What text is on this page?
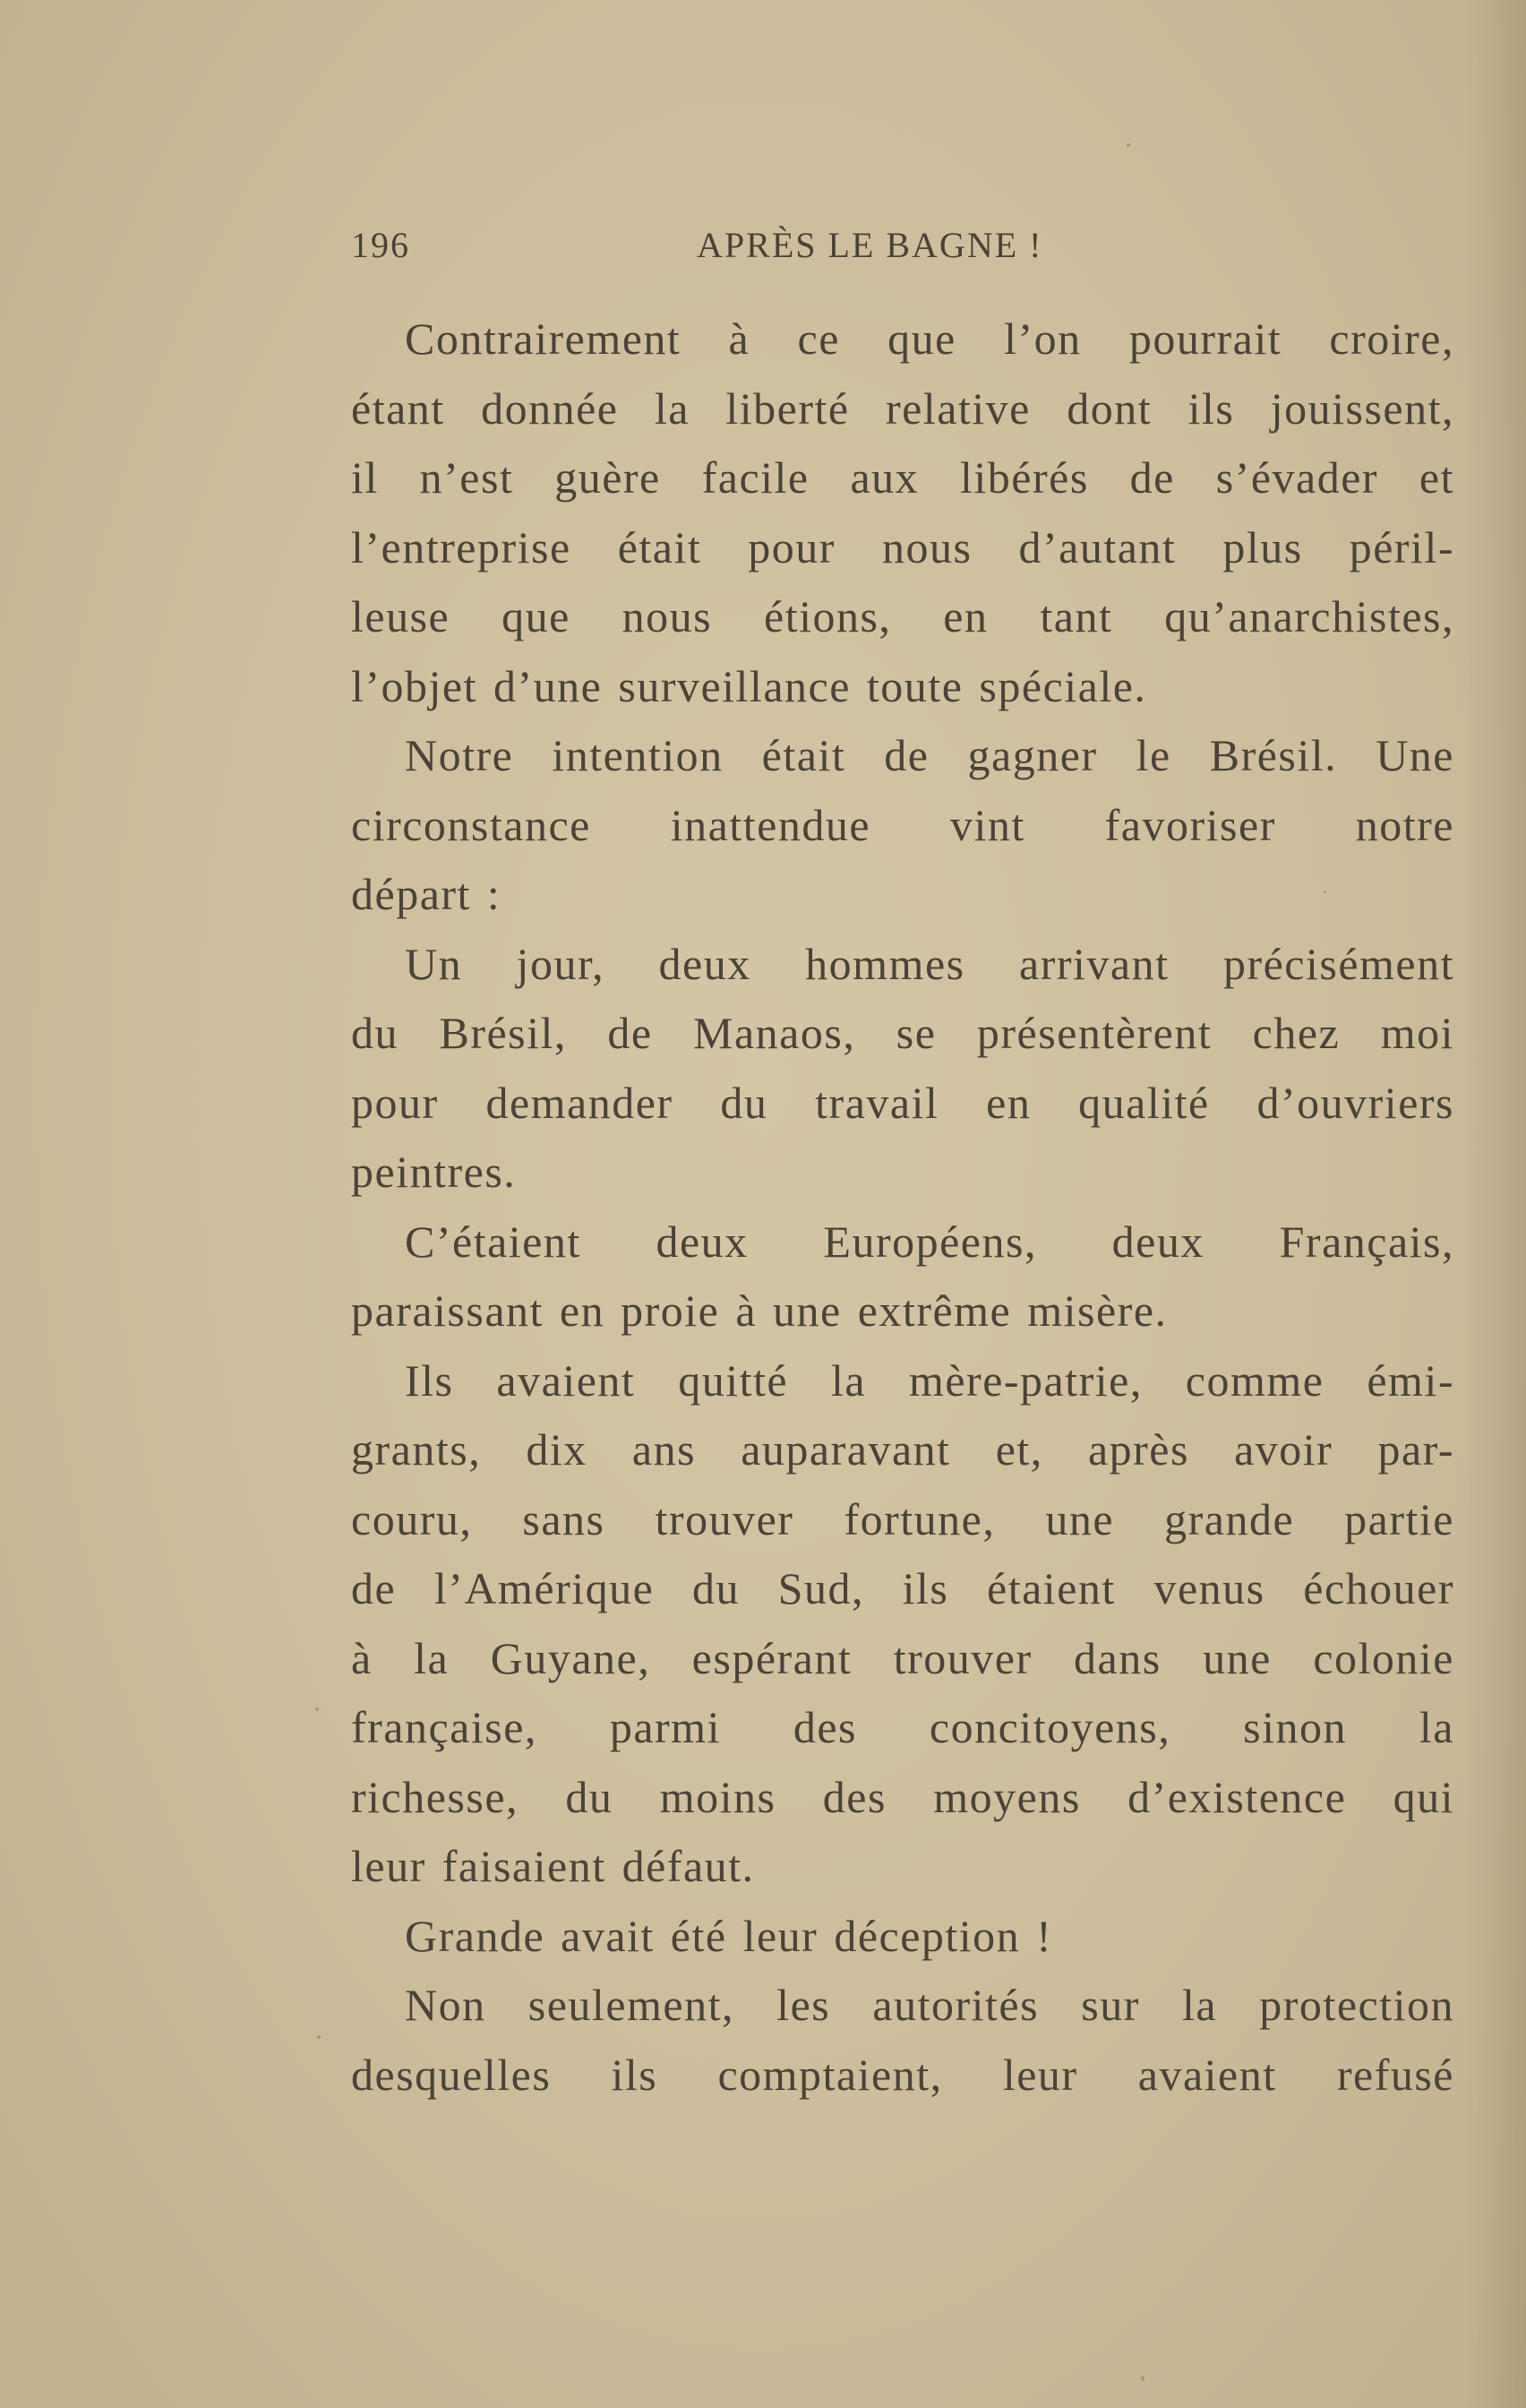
196	APRÈS LE BAGNE !
Contrairement à ce que l’on pourrait croire,
étant donnée la liberté relative dont ils jouissent,
il n’est guère facile aux libérés de s’évader et
l’entreprise était pour nous d’autant plus péril-
leuse que nous étions, en tant qu’anarchistes,
l’objet d’une surveillance toute spéciale.
Notre intention était de gagner le Brésil. Une
circonstance inattendue vint favoriser notre
départ :
Un jour, deux hommes arrivant précisément
du Brésil, de Manaos, se présentèrent chez moi
pour demander du travail en qualité d’ouvriers
peintres.
C’étaient deux Européens, deux Français,
paraissant en proie à une extrême misère.
Ils avaient quitté la mère-patrie, comme émi-
grants, dix ans auparavant et, après avoir par-
couru, sans trouver fortune, une grande partie
de l’Amérique du Sud, ils étaient venus échouer
à la Guyane, espérant trouver dans une colonie
française, parmi des concitoyens, sinon la
richesse, du moins des moyens d’existence qui
leur faisaient défaut.
Grande avait été leur déception !
Non seulement, les autorités sur la protection
desquelles ils comptaient, leur avaient refusé
